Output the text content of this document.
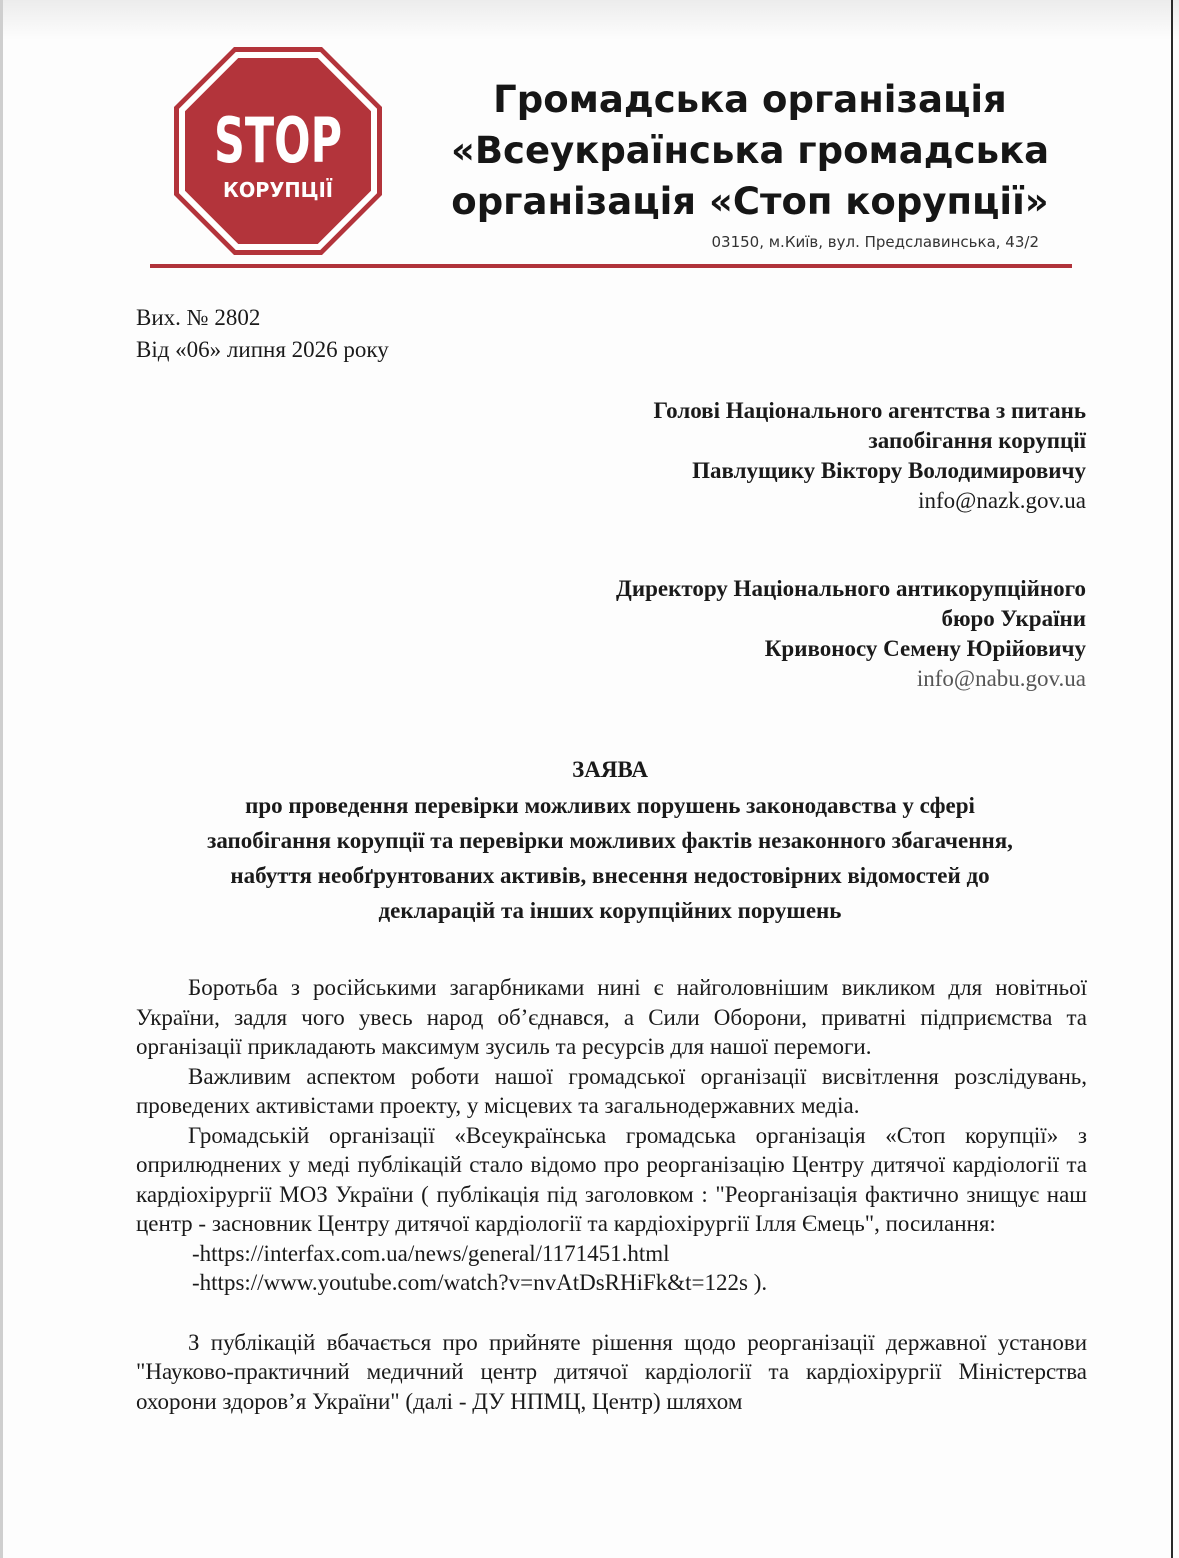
STOP
КОРУПЦІЇ
Громадська організація
«Всеукраїнська громадська
організація «Стоп корупції»
03150, м.Київ, вул. Предславинська, 43/2
Вих. № 2802
Від «06» липня 2026 року
Голові Національного агентства з питань
запобігання корупції
Павлущику Віктору Володимировичу
info@nazk.gov.ua
Директору Національного антикорупційного
бюро України
Кривоносу Семену Юрійовичу
info@nabu.gov.ua
ЗАЯВА
про проведення перевірки можливих порушень законодавства у сфері
запобігання корупції та перевірки можливих фактів незаконного збагачення,
набуття необґрунтованих активів, внесення недостовірних відомостей до
декларацій та інших корупційних порушень

Боротьба з російськими загарбниками нині є найголовнішим викликом для новітньої України, задля чого увесь народ об’єднався, а Сили Оборони, приватні підприємства та організації прикладають максимум зусиль та ресурсів для нашої перемоги.

Важливим аспектом роботи нашої громадської організації висвітлення розслідувань, проведених активістами проекту, у місцевих та загальнодержавних медіа.

Громадській організації «Всеукраїнська громадська організація «Стоп корупції» з оприлюднених у меді публікацій стало відомо про реорганізацію Центру дитячої кардіології та кардіохірургії МОЗ України ( публікація під заголовком : "Реорганізація фактично знищує наш центр - засновник Центру дитячої кардіології та кардіохірургії Ілля Ємець", посилання:

-https://interfax.com.ua/news/general/1171451.html

-https://www.youtube.com/watch?v=nvAtDsRHiFk&t=122s ).

З публікацій вбачається про прийняте рішення щодо реорганізації державної установи "Науково-практичний медичний центр дитячої кардіології та кардіохірургії Міністерства охорони здоров’я України" (далі - ДУ НПМЦ, Центр) шляхом
